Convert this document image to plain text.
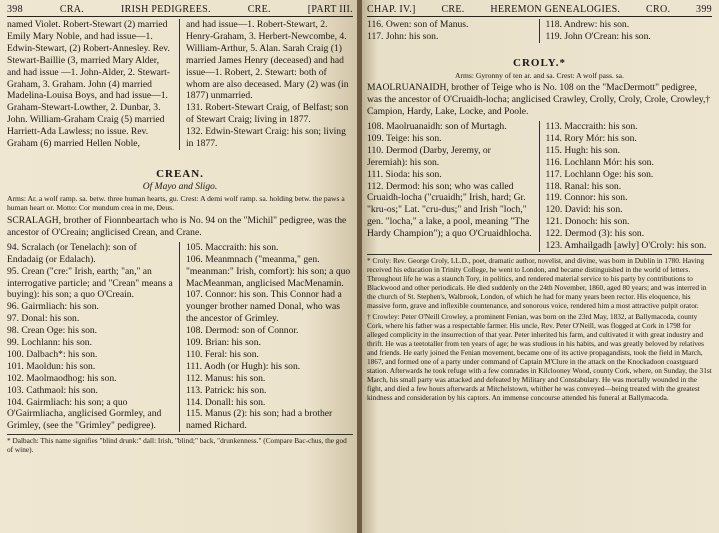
398	CRA.	IRISH PEDIGREES.	CRE.	[PART III.

named Violet. Robert-Stewart (2) married Emily Mary Noble, and had issue—1. Edwin-Stewart, (2) Robert-Annesley. Rev. Stewart-Baillie (3, married Mary Alder, and had issue —1. John-Alder, 2. Stewart-Graham, 3. Graham. John (4) married Madelina-Louisa Boys, and had issue—1. Graham-Stewart-Lowther, 2. Dunbar, 3. John. William-Graham Craig (5) married Harriett-Ada Lawless; no issue. Rev. Graham (6) married Hellen Noble,

and had issue—1. Robert-Stewart, 2. Henry-Graham, 3. Herbert-Newcombe, 4. William-Arthur, 5. Alan. Sarah Craig (1) married James Henry (deceased) and had issue—1. Robert, 2. Stewart: both of whom are also deceased. Mary (2) was (in 1877) unmarried.

131. Robert-Stewart Craig, of Belfast; son of Stewart Craig; living in 1877.

132. Edwin-Stewart Craig: his son; living in 1877.

CREAN.

Of Mayo and Sligo.

Arms: Ar. a wolf ramp. sa. betw. three human hearts, gu. Crest: A demi wolf ramp. sa. holding betw. the paws a human heart or. Motto: Cor mundum crea in me, Deus.

SCRALAGH, brother of Fionnbeartach who is No. 94 on the "Michil" pedigree, was the ancestor of O'Creain; anglicised Crean, and Crane.

94. Scralach (or Tenelach): son of Endadaig (or Edalach).
95. Crean ("cre:" Irish, earth; "an," an interrogative particle; and "Crean" means a buying): his son; a quo O'Creain.
96. Gairmliach: his son.
97. Donal: his son.
98. Crean Oge: his son.
99. Lochlann: his son.
100. Dalbach*: his son.
101. Maoldun: his son.
102. Maolmaodhog: his son.
103. Cathmaol: his son.
104. Gairmliach: his son; a quo O'Gairmliacha, anglicised Gormley, and Grimley, (see the "Grimley" pedigree).

105. Maccraith: his son.
106. Meanmnach ("meanma," gen. "meanman:" Irish, comfort): his son; a quo MacMeanman, anglicised MacMenamin.
107. Connor: his son. This Connor had a younger brother named Donal, who was the ancestor of Grimley.
108. Dermod: son of Connor.
109. Brian: his son.
110. Feral: his son.
111. Aodh (or Hugh): his son.
112. Manus: his son.
113. Patrick: his son.
114. Donall: his son.
115. Manus (2): his son; had a brother named Richard.

* Dalbach: This name signifies "blind drunk:" dall: Irish, "blind;" back, "drunkenness." (Compare Bac-chus, the god of wine).

CHAP. IV.]	CRE.	HEREMON GENEALOGIES.	CRO.	399

116. Owen: son of Manus.
117. John: his son.

118. Andrew: his son.
119. John O'Crean: his son.

CROLY.*

Arms: Gyronny of ten ar. and sa. Crest: A wolf pass. sa.

MAOLRUANAIDH, brother of Teige who is No. 108 on the "MacDermott" pedigree, was the ancestor of O'Cruaidh-locha; anglicised Crawley, Crolly, Croly, Crole, Crowley,† Campion, Hardy, Lake, Locke, and Poole.

108. Maolruanaidh: son of Murtagh.
109. Teige: his son.
110. Dermod (Darby, Jeremy, or Jeremiah): his son.
111. Sioda: his son.
112. Dermod: his son; who was called Cruaidh-locha ("cruaidh;" Irish, hard; Gr. "kru-os;" Lat. "cru-dus;" and Irish "loch," gen. "locha," a lake, a pool, meaning "The Hardy Champion"); a quo O'Cruaidhlocha.

113. Maccraith: his son.
114. Rory Mór: his son.
115. Hugh: his son.
116. Lochlann Mór: his son.
117. Lochlann Oge: his son.
118. Ranal: his son.
119. Connor: his son.
120. David: his son.
121. Donoch: his son.
122. Dermod (3): his son.
123. Amhailgadh [awly] O'Croly: his son.

* Croly: Rev. George Croly, LL.D., poet, dramatic author, novelist, and divine, was born in Dublin in 1780. Having received his education in Trinity College, he went to London, and became distinguished in the world of letters. Throughout life he was a staunch Tory, in politics, and rendered material service to his party by contributions to Blackwood and other periodicals. He died suddenly on the 24th November, 1860, aged 80 years; and was interred in the church of St. Stephen's, Walbrook, London, of which he had for many years been rector. His eloquence, his massive form, grave and inflexible countenance, and sonorous voice, rendered him a most attractive pulpit orator.

† Crowley: Peter O'Neill Crowley, a prominent Fenian, was born on the 23rd May, 1832, at Ballymacoda, county Cork, where his father was a respectable farmer. His uncle, Rev. Peter O'Neill, was flogged at Cork in 1798 for alleged complicity in the insurrection of that year. Peter inherited his farm, and cultivated it with great industry and thrift. He was a teetotaller from ten years of age; he was studious in his habits, and was greatly beloved by relatives and friends. He early joined the Fenian movement, became one of its active propagandists, took the field in March, 1867, and formed one of a party under command of Captain M'Clure in the attack on the Knockadoon coastguard station. Afterwards he took refuge with a few comrades in Kilclooney Wood, county Cork, where, on Sunday, the 31st March, his small party was attacked and defeated by Military and Constabulary. He was mortally wounded in the fight, and died a few hours afterwards at Mitchelstown, whither he was conveyed—being treated with the greatest kindness and consideration by his captors. An immense concourse attended his funeral at Ballymacoda.
